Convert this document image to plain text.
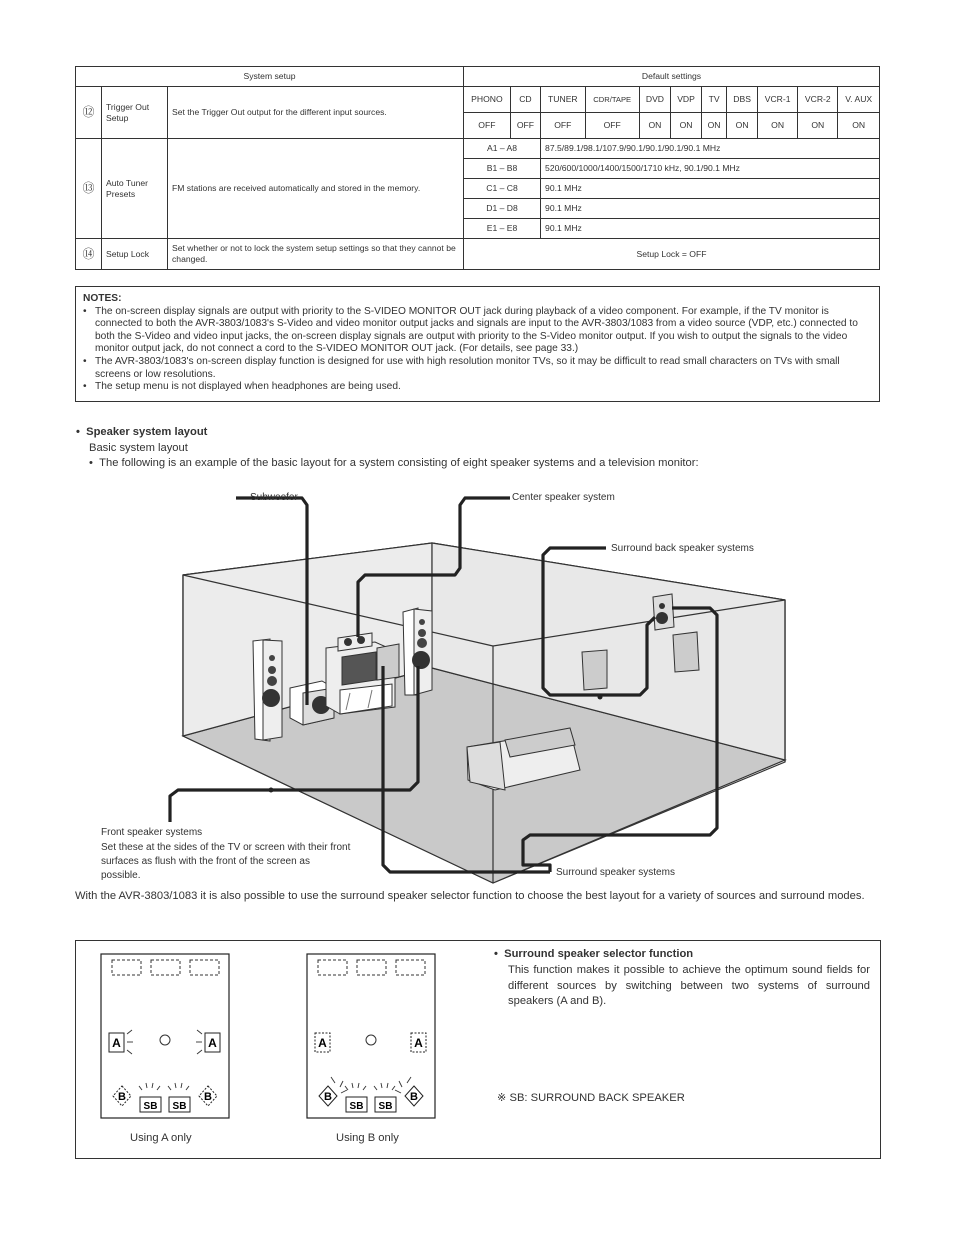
System setup			Default settings										
⑫	Trigger Out Setup	Set the Trigger Out output for the different input sources.	PHONO	CD	TUNER	CDR/TAPE	DVD	VDP	TV	DBS	VCR-1	VCR-2	V. AUX
			OFF	OFF	OFF	OFF	ON	ON	ON	ON	ON	ON	ON
⑬	Auto Tuner Presets	FM stations are received automatically and stored in the memory.	A1 – A8		87.5/89.1/98.1/107.9/90.1/90.1/90.1/90.1 MHz								
			B1 – B8		520/600/1000/1400/1500/1710 kHz, 90.1/90.1 MHz								
			C1 – C8		90.1 MHz								
			D1 – D8		90.1 MHz								
			E1 – E8		90.1 MHz								
⑭	Setup Lock	Set whether or not to lock the system setup settings so that they cannot be changed.	Setup Lock = OFF										
NOTES:
• The on-screen display signals are output with priority to the S-VIDEO MONITOR OUT jack during playback of a video component. For example, if the TV monitor is connected to both the AVR-3803/1083's S-Video and video monitor output jacks and signals are input to the AVR-3803/1083 from a video source (VDP, etc.) connected to both the S-Video and video input jacks, the on-screen display signals are output with priority to the S-Video monitor output. If you wish to output the signals to the video monitor output jack, do not connect a cord to the S-VIDEO MONITOR OUT jack. (For details, see page 33.)
• The AVR-3803/1083's on-screen display function is designed for use with high resolution monitor TVs, so it may be difficult to read small characters on TVs with small screens or low resolutions.
• The setup menu is not displayed when headphones are being used.
•  Speaker system layout
Basic system layout
•  The following is an example of the basic layout for a system consisting of eight speaker systems and a television monitor:
Subwoofer	Center speaker system
Surround back speaker systems
Front speaker systems
Set these at the sides of the TV or screen with their front surfaces as flush with the front of the screen as possible.	Surround speaker systems
With the AVR-3803/1083 it is also possible to use the surround speaker selector function to choose the best layout for a variety of sources and surround modes.
A	A
B	B
SB SB
A	A
B	B
SB SB
Using A only	Using B only
•  Surround speaker selector function
This function makes it possible to achieve the optimum sound fields for different sources by switching between two systems of surround speakers (A and B).
※ SB: SURROUND BACK SPEAKER
